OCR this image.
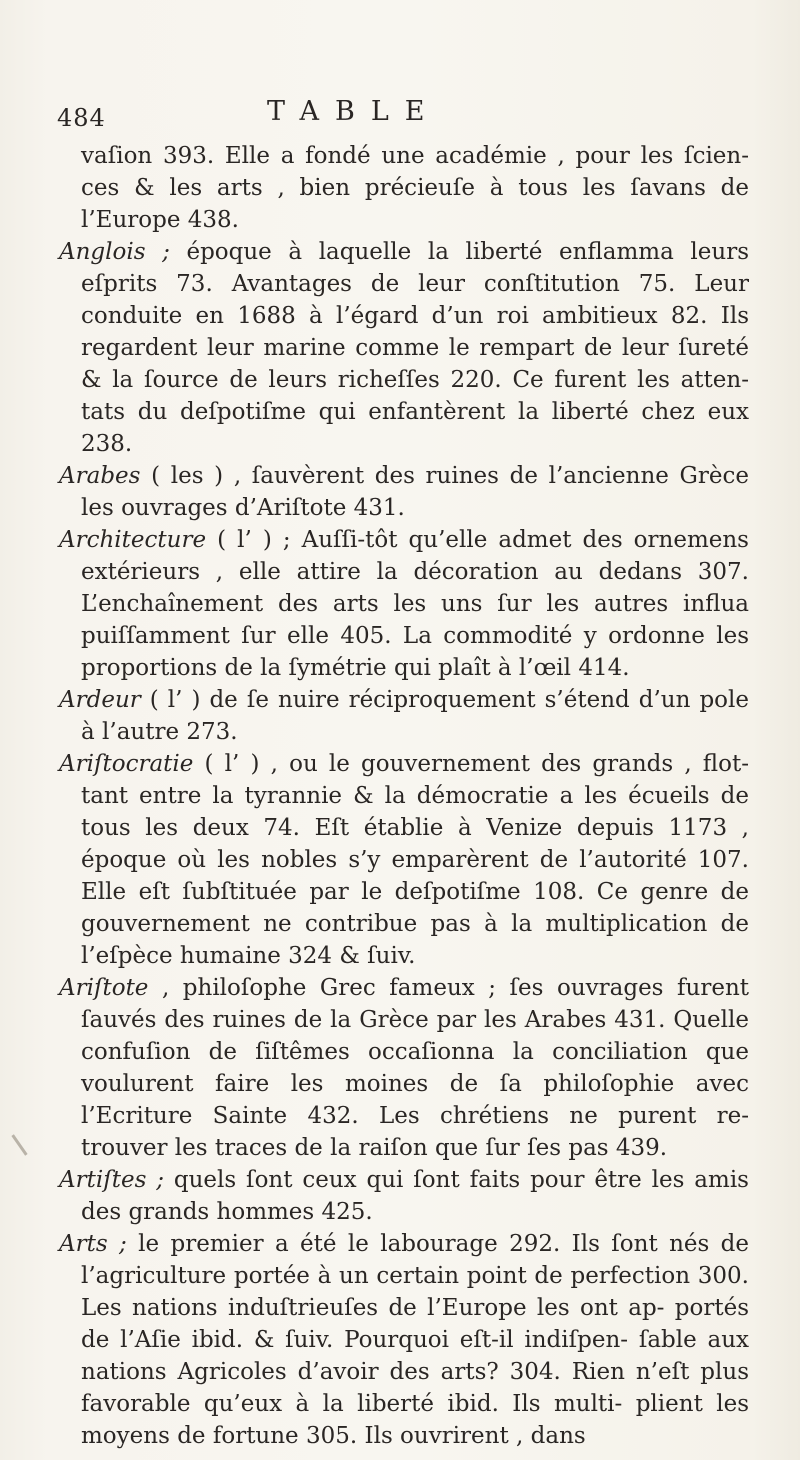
484	TABLE

vaſion 393. Elle a fondé une académie , pour les ſcien- ces & les arts , bien précieuſe à tous les ſavans de l’Europe 438.

Anglois ; époque à laquelle la liberté enflamma leurs eſprits 73. Avantages de leur conſtitution 75. Leur conduite en 1688 à l’égard d’un roi ambitieux 82. Ils regardent leur marine comme le rempart de leur ſureté & la ſource de leurs richeſſes 220. Ce furent les atten- tats du deſpotiſme qui enfantèrent la liberté chez eux 238.

Arabes ( les ) , ſauvèrent des ruines de l’ancienne Grèce les ouvrages d’Ariſtote 431.

Architecture ( l’ ) ; Auſſi-tôt qu’elle admet des ornemens extérieurs , elle attire la décoration au dedans 307. L’enchaînement des arts les uns ſur les autres influa puiſſamment ſur elle 405. La commodité y ordonne les proportions de la ſymétrie qui plaît à l’œil 414.

Ardeur ( l’ ) de ſe nuire réciproquement s’étend d’un pole à l’autre 273.

Ariſtocratie ( l’ ) , ou le gouvernement des grands , flot- tant entre la tyrannie & la démocratie a les écueils de tous les deux 74. Eſt établie à Venize depuis 1173 , époque où les nobles s’y emparèrent de l’autorité 107. Elle eſt ſubſtituée par le deſpotiſme 108. Ce genre de gouvernement ne contribue pas à la multiplication de l’eſpèce humaine 324 & ſuiv.

Ariſtote , philoſophe Grec fameux ; ſes ouvrages furent ſauvés des ruines de la Grèce par les Arabes 431. Quelle confuſion de ſiſtêmes occaſionna la conciliation que voulurent faire les moines de ſa philoſophie avec l’Ecriture Sainte 432. Les chrétiens ne purent re- trouver les traces de la raiſon que ſur ſes pas 439.

Artiſtes ; quels ſont ceux qui ſont faits pour être les amis des grands hommes 425.

Arts ; le premier a été le labourage 292. Ils ſont nés de l’agriculture portée à un certain point de perfection 300. Les nations induſtrieuſes de l’Europe les ont ap- portés de l’Aſie ibid. & ſuiv. Pourquoi eſt-il indiſpen- ſable aux nations Agricoles d’avoir des arts? 304. Rien n’eſt plus favorable qu’eux à la liberté ibid. Ils multi- plient les moyens de fortune 305. Ils ouvrirent , dans
